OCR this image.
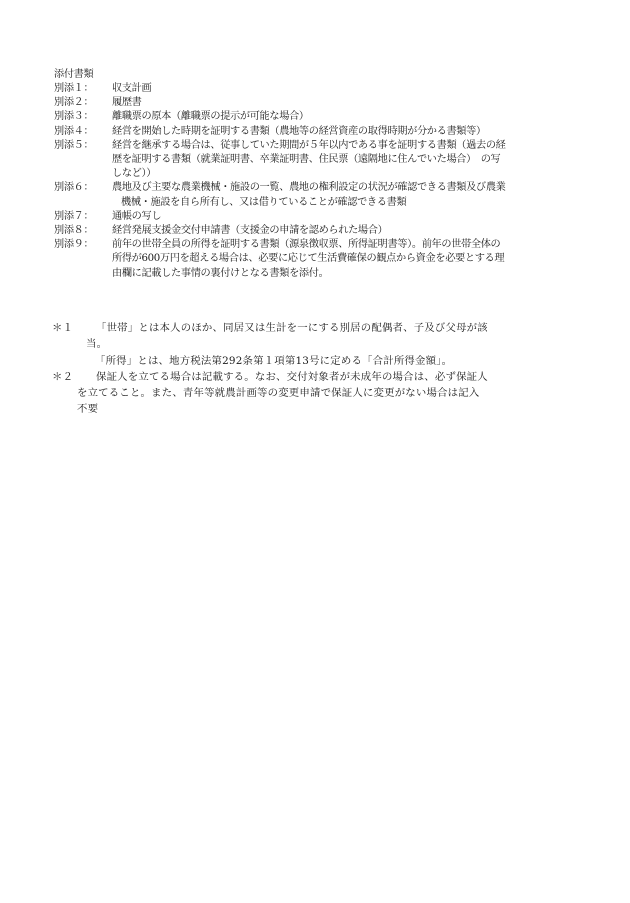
添付書類
別添１：	収支計画
別添２：	履歴書
別添３：	離職票の原本（離職票の提示が可能な場合）
別添４：	経営を開始した時期を証明する書類（農地等の経営資産の取得時期が分かる書類等）
別添５：	経営を継承する場合は、従事していた期間が５年以内である事を証明する書類（過去の経
歴を証明する書類（就業証明書、卒業証明書、住民票（遠隔地に住んでいた場合）　の写
しなど））
別添６：	農地及び主要な農業機械・施設の一覧、農地の権利設定の状況が確認できる書類及び農業
機械・施設を自ら所有し、又は借りていることが確認できる書類
別添７：	通帳の写し
別添８：	経営発展支援金交付申請書（支援金の申請を認められた場合）
別添９：	前年の世帯全員の所得を証明する書類（源泉徴収票、所得証明書等）。前年の世帯全体の
所得が600万円を超える場合は、必要に応じて生活費確保の観点から資金を必要とする理
由欄に記載した事情の裏付けとなる書類を添付。
＊１ 「世帯」とは本人のほか、同居又は生計を一にする別居の配偶者、子及び父母が該
当。
「所得」とは、地方税法第292条第１項第13号に定める「合計所得金額」。
＊２ 保証人を立てる場合は記載する。なお、交付対象者が未成年の場合は、必ず保証人
を立てること。また、青年等就農計画等の変更申請で保証人に変更がない場合は記入
不要
